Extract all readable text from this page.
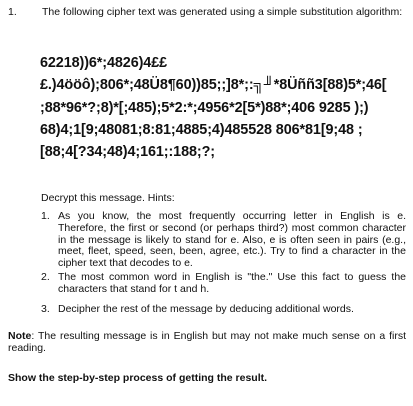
1. The following cipher text was generated using a simple substitution algorithm:
62218))6*;4826)4££
£.)4ööô);806*;48Ü8¶60))85;;]8*;:╗╜*8Üññ3[88)5*;46[
;88*96*?;8)*[;485);5*2:*;4956*2[5*)88*;406 9285 );)
68)4;1[9;48081;8:81;4885;4)485528 806*81[9;48 ;
[88;4[?34;48)4;161;:188;?;
Decrypt this message. Hints:
1. As you know, the most frequently occurring letter in English is e. Therefore, the first or second (or perhaps third?) most common character in the message is likely to stand for e. Also, e is often seen in pairs (e.g., meet, fleet, speed, seen, been, agree, etc.). Try to find a character in the cipher text that decodes to e.
2. The most common word in English is "the." Use this fact to guess the characters that stand for t and h.
3. Decipher the rest of the message by deducing additional words.
Note: The resulting message is in English but may not make much sense on a first reading.
Show the step-by-step process of getting the result.
